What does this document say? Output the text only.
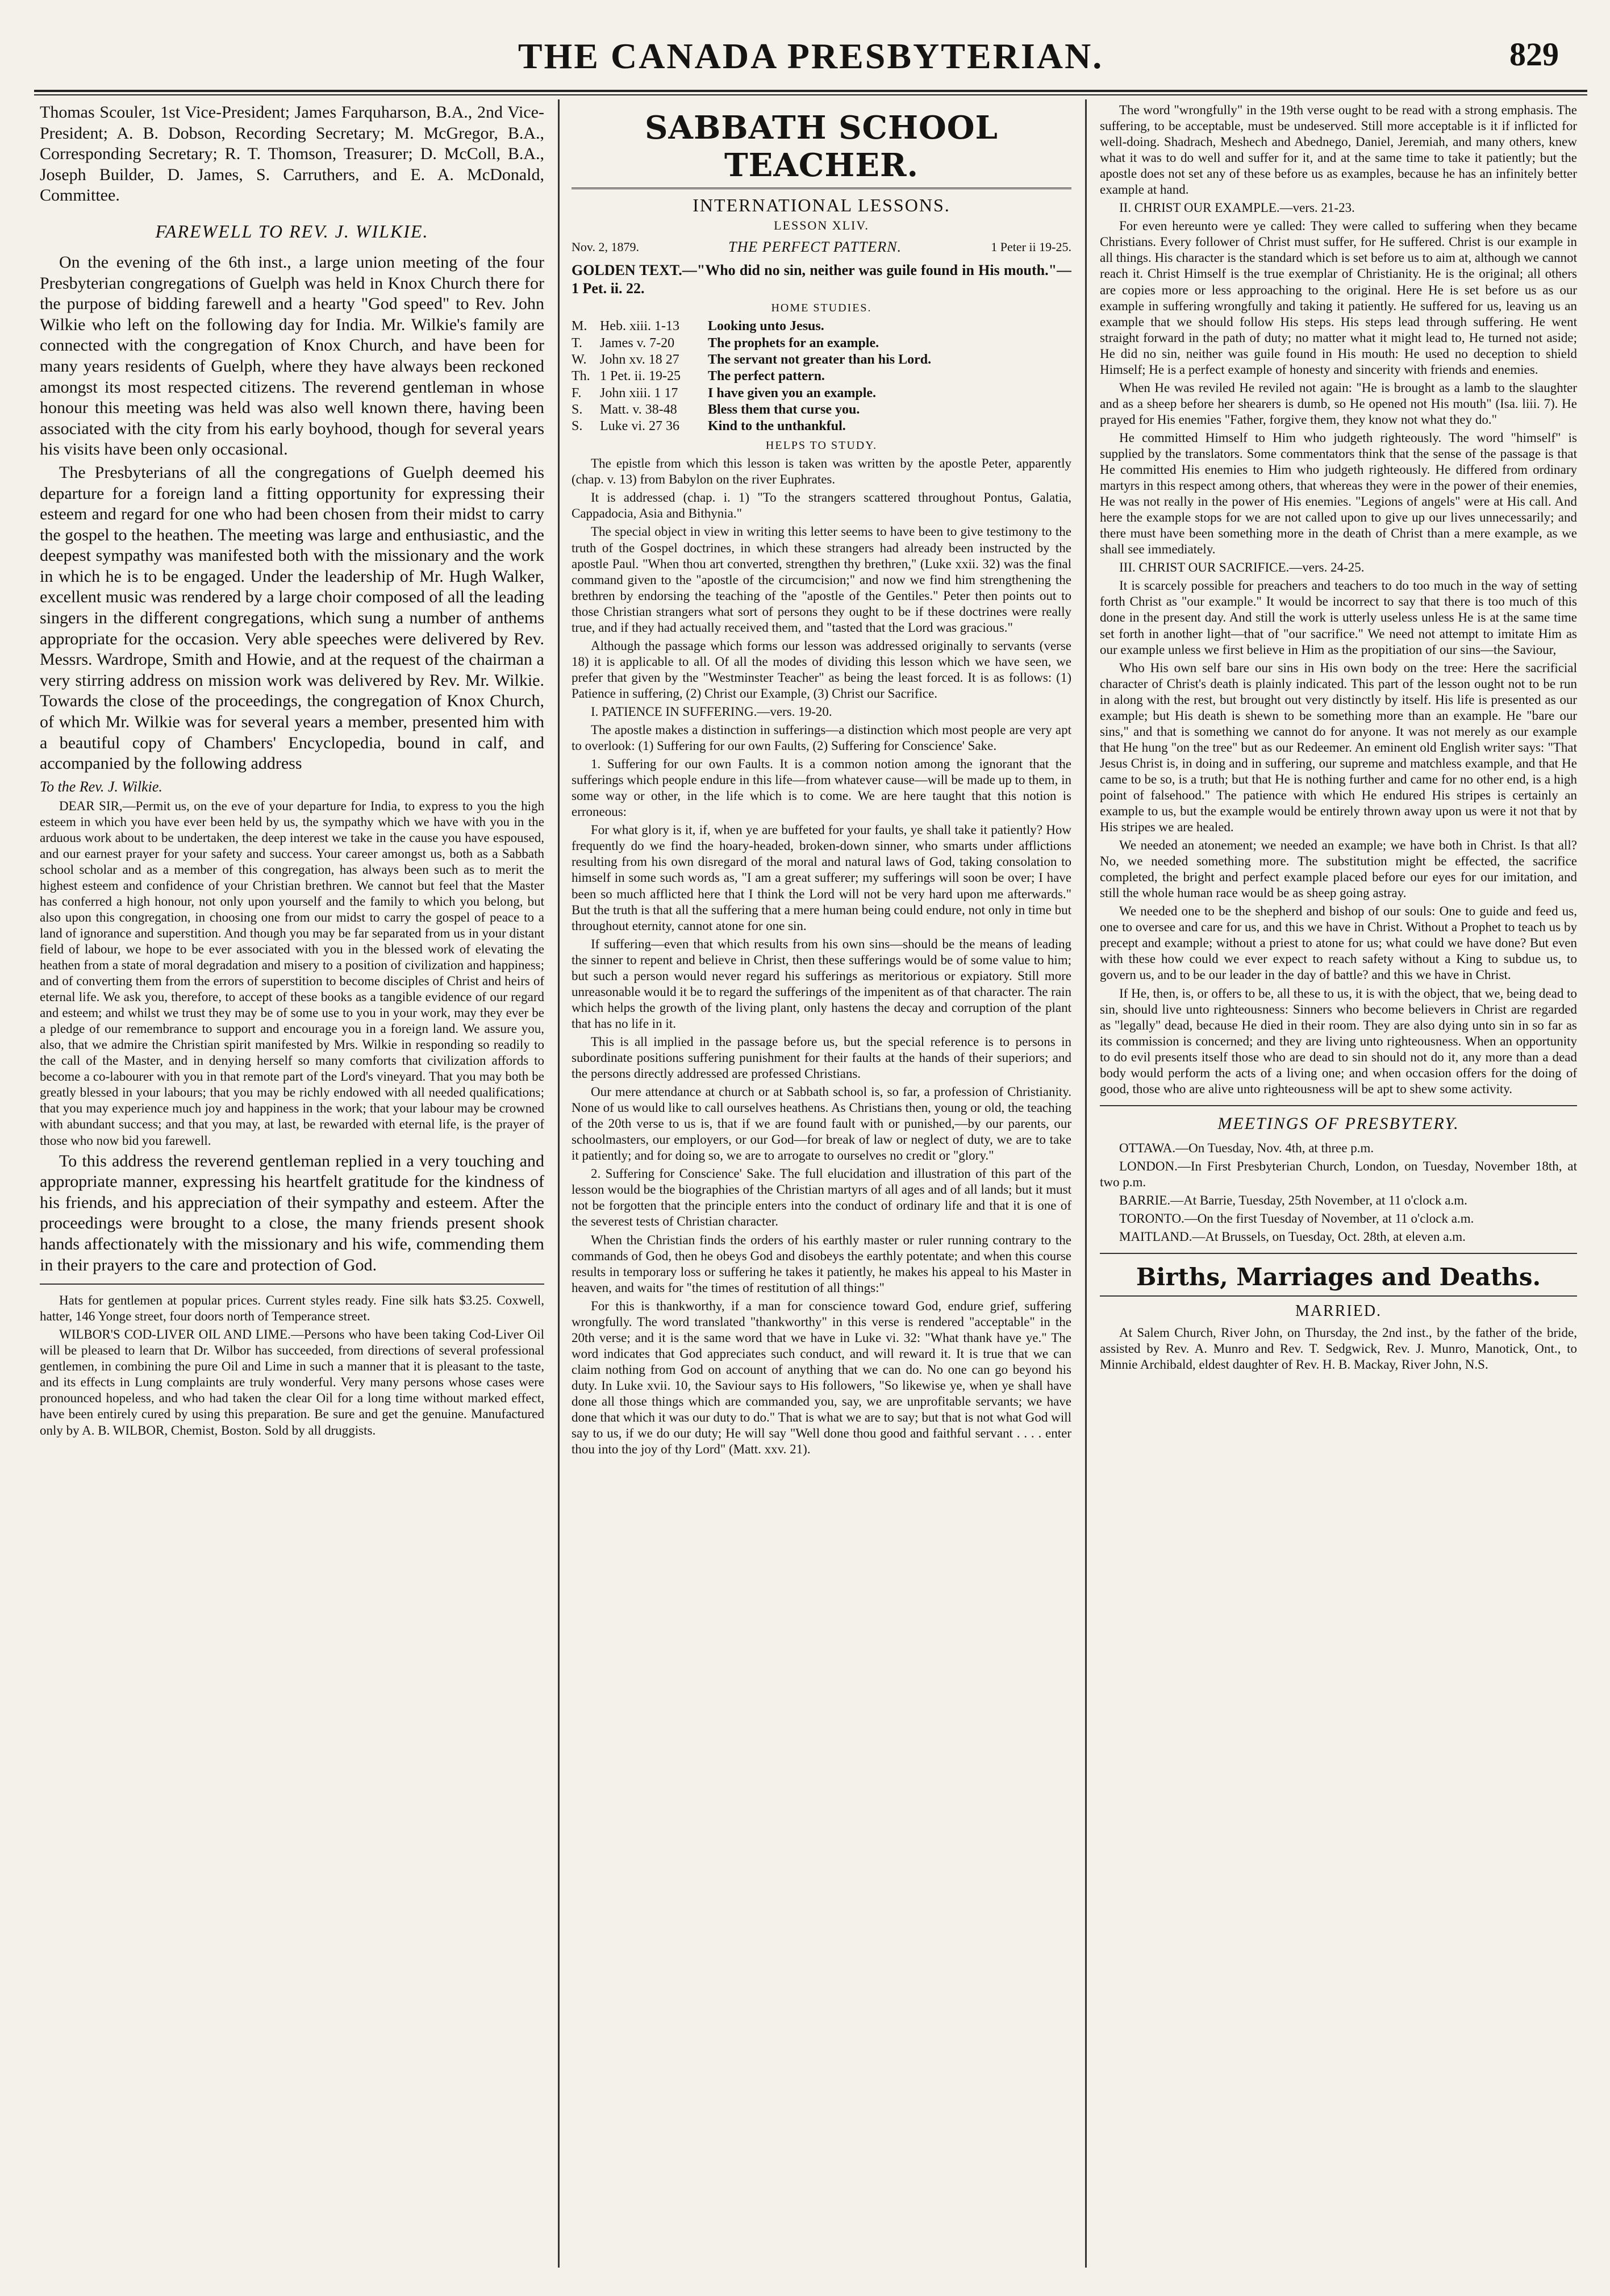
THE CANADA PRESBYTERIAN.	829

Thomas Scouler, 1st Vice-President; James Farquharson, B.A., 2nd Vice-President; A. B. Dobson, Recording Secretary; M. McGregor, B.A., Corresponding Secretary; R. T. Thomson, Treasurer; D. McColl, B.A., Joseph Builder, D. James, S. Carruthers, and E. A. McDonald, Committee.

FAREWELL TO REV. J. WILKIE.

On the evening of the 6th inst., a large union meeting of the four Presbyterian congregations of Guelph was held in Knox Church there for the purpose of bidding farewell and a hearty "God speed" to Rev. John Wilkie who left on the following day for India. Mr. Wilkie's family are connected with the congregation of Knox Church, and have been for many years residents of Guelph, where they have always been reckoned amongst its most respected citizens. The reverend gentleman in whose honour this meeting was held was also well known there, having been associated with the city from his early boyhood, though for several years his visits have been only occasional.

The Presbyterians of all the congregations of Guelph deemed his departure for a foreign land a fitting opportunity for expressing their esteem and regard for one who had been chosen from their midst to carry the gospel to the heathen. The meeting was large and enthusiastic, and the deepest sympathy was manifested both with the missionary and the work in which he is to be engaged. Under the leadership of Mr. Hugh Walker, excellent music was rendered by a large choir composed of all the leading singers in the different congregations, which sung a number of anthems appropriate for the occasion. Very able speeches were delivered by Rev. Messrs. Wardrope, Smith and Howie, and at the request of the chairman a very stirring address on mission work was delivered by Rev. Mr. Wilkie. Towards the close of the proceedings, the congregation of Knox Church, of which Mr. Wilkie was for several years a member, presented him with a beautiful copy of Chambers' Encyclopedia, bound in calf, and accompanied by the following address

To the Rev. J. Wilkie.

DEAR SIR,—Permit us, on the eve of your departure for India, to express to you the high esteem in which you have ever been held by us, the sympathy which we have with you in the arduous work about to be undertaken, the deep interest we take in the cause you have espoused, and our earnest prayer for your safety and success. Your career amongst us, both as a Sabbath school scholar and as a member of this congregation, has always been such as to merit the highest esteem and confidence of your Christian brethren. We cannot but feel that the Master has conferred a high honour, not only upon yourself and the family to which you belong, but also upon this congregation, in choosing one from our midst to carry the gospel of peace to a land of ignorance and superstition. And though you may be far separated from us in your distant field of labour, we hope to be ever associated with you in the blessed work of elevating the heathen from a state of moral degradation and misery to a position of civilization and happiness; and of converting them from the errors of superstition to become disciples of Christ and heirs of eternal life. We ask you, therefore, to accept of these books as a tangible evidence of our regard and esteem; and whilst we trust they may be of some use to you in your work, may they ever be a pledge of our remembrance to support and encourage you in a foreign land. We assure you, also, that we admire the Christian spirit manifested by Mrs. Wilkie in responding so readily to the call of the Master, and in denying herself so many comforts that civilization affords to become a co-labourer with you in that remote part of the Lord's vineyard. That you may both be greatly blessed in your labours; that you may be richly endowed with all needed qualifications; that you may experience much joy and happiness in the work; that your labour may be crowned with abundant success; and that you may, at last, be rewarded with eternal life, is the prayer of those who now bid you farewell.

To this address the reverend gentleman replied in a very touching and appropriate manner, expressing his heartfelt gratitude for the kindness of his friends, and his appreciation of their sympathy and esteem. After the proceedings were brought to a close, the many friends present shook hands affectionately with the missionary and his wife, commending them in their prayers to the care and protection of God.

Hats for gentlemen at popular prices. Current styles ready. Fine silk hats $3.25. Coxwell, hatter, 146 Yonge street, four doors north of Temperance street.

WILBOR'S COD-LIVER OIL AND LIME.—Persons who have been taking Cod-Liver Oil will be pleased to learn that Dr. Wilbor has succeeded, from directions of several professional gentlemen, in combining the pure Oil and Lime in such a manner that it is pleasant to the taste, and its effects in Lung complaints are truly wonderful. Very many persons whose cases were pronounced hopeless, and who had taken the clear Oil for a long time without marked effect, have been entirely cured by using this preparation. Be sure and get the genuine. Manufactured only by A. B. WILBOR, Chemist, Boston. Sold by all druggists.

SABBATH SCHOOL TEACHER.
INTERNATIONAL LESSONS.
LESSON XLIV.
Nov. 2, 1879.	THE PERFECT PATTERN.	1 Peter ii 19-25.

GOLDEN TEXT.—"Who did no sin, neither was guile found in His mouth."—1 Pet. ii. 22.

HOME STUDIES.
M. Heb. xiii. 1-13	Looking unto Jesus.
T.	James v. 7-20	The prophets for an example.
W. John xv. 18 27	The servant not greater than his Lord.
Th. 1 Pet. ii. 19-25	The perfect pattern.
F.	John xiii. 1 17	I have given you an example.
S.	Matt. v. 38-48	Bless them that curse you.
S.	Luke vi. 27 36	Kind to the unthankful.
HELPS TO STUDY.

The epistle from which this lesson is taken was written by the apostle Peter, apparently (chap. v. 13) from Babylon on the river Euphrates.

It is addressed (chap. i. 1) "To the strangers scattered throughout Pontus, Galatia, Cappadocia, Asia and Bithynia."

The special object in view in writing this letter seems to have been to give testimony to the truth of the Gospel doctrines, in which these strangers had already been instructed by the apostle Paul. "When thou art converted, strengthen thy brethren," (Luke xxii. 32) was the final command given to the "apostle of the circumcision;" and now we find him strengthening the brethren by endorsing the teaching of the "apostle of the Gentiles." Peter then points out to those Christian strangers what sort of persons they ought to be if these doctrines were really true, and if they had actually received them, and "tasted that the Lord was gracious."

Although the passage which forms our lesson was addressed originally to servants (verse 18) it is applicable to all. Of all the modes of dividing this lesson which we have seen, we prefer that given by the "Westminster Teacher" as being the least forced. It is as follows: (1) Patience in suffering, (2) Christ our Example, (3) Christ our Sacrifice.

I. PATIENCE IN SUFFERING.—vers. 19-20.

The apostle makes a distinction in sufferings—a distinction which most people are very apt to overlook: (1) Suffering for our own Faults, (2) Suffering for Conscience' Sake.

1. Suffering for our own Faults. It is a common notion among the ignorant that the sufferings which people endure in this life—from whatever cause—will be made up to them, in some way or other, in the life which is to come. We are here taught that this notion is erroneous:

For what glory is it, if, when ye are buffeted for your faults, ye shall take it patiently? How frequently do we find the hoary-headed, broken-down sinner, who smarts under afflictions resulting from his own disregard of the moral and natural laws of God, taking consolation to himself in some such words as, "I am a great sufferer; my sufferings will soon be over; I have been so much afflicted here that I think the Lord will not be very hard upon me afterwards." But the truth is that all the suffering that a mere human being could endure, not only in time but throughout eternity, cannot atone for one sin.

If suffering—even that which results from his own sins—should be the means of leading the sinner to repent and believe in Christ, then these sufferings would be of some value to him; but such a person would never regard his sufferings as meritorious or expiatory. Still more unreasonable would it be to regard the sufferings of the impenitent as of that character. The rain which helps the growth of the living plant, only hastens the decay and corruption of the plant that has no life in it.

This is all implied in the passage before us, but the special reference is to persons in subordinate positions suffering punishment for their faults at the hands of their superiors; and the persons directly addressed are professed Christians.

Our mere attendance at church or at Sabbath school is, so far, a profession of Christianity. None of us would like to call ourselves heathens. As Christians then, young or old, the teaching of the 20th verse to us is, that if we are found fault with or punished,—by our parents, our schoolmasters, our employers, or our God—for break of law or neglect of duty, we are to take it patiently; and for doing so, we are to arrogate to ourselves no credit or "glory."

2. Suffering for Conscience' Sake. The full elucidation and illustration of this part of the lesson would be the biographies of the Christian martyrs of all ages and of all lands; but it must not be forgotten that the principle enters into the conduct of ordinary life and that it is one of the severest tests of Christian character.

When the Christian finds the orders of his earthly master or ruler running contrary to the commands of God, then he obeys God and disobeys the earthly potentate; and when this course results in temporary loss or suffering he takes it patiently, he makes his appeal to his Master in heaven, and waits for "the times of restitution of all things:"

For this is thankworthy, if a man for conscience toward God, endure grief, suffering wrongfully. The word translated "thankworthy" in this verse is rendered "acceptable" in the 20th verse; and it is the same word that we have in Luke vi. 32: "What thank have ye." The word indicates that God appreciates such conduct, and will reward it. It is true that we can claim nothing from God on account of anything that we can do. No one can go beyond his duty. In Luke xvii. 10, the Saviour says to His followers, "So likewise ye, when ye shall have done all those things which are commanded you, say, we are unprofitable servants; we have done that which it was our duty to do." That is what we are to say; but that is not what God will say to us, if we do our duty; He will say "Well done thou good and faithful servant . . . . enter thou into the joy of thy Lord" (Matt. xxv. 21).

The word "wrongfully" in the 19th verse ought to be read with a strong emphasis. The suffering, to be acceptable, must be undeserved. Still more acceptable is it if inflicted for well-doing. Shadrach, Meshech and Abednego, Daniel, Jeremiah, and many others, knew what it was to do well and suffer for it, and at the same time to take it patiently; but the apostle does not set any of these before us as examples, because he has an infinitely better example at hand.

II. CHRIST OUR EXAMPLE.—vers. 21-23.

For even hereunto were ye called: They were called to suffering when they became Christians. Every follower of Christ must suffer, for He suffered. Christ is our example in all things. His character is the standard which is set before us to aim at, although we cannot reach it. Christ Himself is the true exemplar of Christianity. He is the original; all others are copies more or less approaching to the original. Here He is set before us as our example in suffering wrongfully and taking it patiently. He suffered for us, leaving us an example that we should follow His steps. His steps lead through suffering. He went straight forward in the path of duty; no matter what it might lead to, He turned not aside; He did no sin, neither was guile found in His mouth: He used no deception to shield Himself; He is a perfect example of honesty and sincerity with friends and enemies.

When He was reviled He reviled not again: "He is brought as a lamb to the slaughter and as a sheep before her shearers is dumb, so He opened not His mouth" (Isa. liii. 7). He prayed for His enemies "Father, forgive them, they know not what they do."

He committed Himself to Him who judgeth righteously. The word "himself" is supplied by the translators. Some commentators think that the sense of the passage is that He committed His enemies to Him who judgeth righteously. He differed from ordinary martyrs in this respect among others, that whereas they were in the power of their enemies, He was not really in the power of His enemies. "Legions of angels" were at His call. And here the example stops for we are not called upon to give up our lives unnecessarily; and there must have been something more in the death of Christ than a mere example, as we shall see immediately.

III. CHRIST OUR SACRIFICE.—vers. 24-25.

It is scarcely possible for preachers and teachers to do too much in the way of setting forth Christ as "our example." It would be incorrect to say that there is too much of this done in the present day. And still the work is utterly useless unless He is at the same time set forth in another light—that of "our sacrifice." We need not attempt to imitate Him as our example unless we first believe in Him as the propitiation of our sins—the Saviour,

Who His own self bare our sins in His own body on the tree: Here the sacrificial character of Christ's death is plainly indicated. This part of the lesson ought not to be run in along with the rest, but brought out very distinctly by itself. His life is presented as our example; but His death is shewn to be something more than an example. He "bare our sins," and that is something we cannot do for anyone. It was not merely as our example that He hung "on the tree" but as our Redeemer. An eminent old English writer says: "That Jesus Christ is, in doing and in suffering, our supreme and matchless example, and that He came to be so, is a truth; but that He is nothing further and came for no other end, is a high point of falsehood." The patience with which He endured His stripes is certainly an example to us, but the example would be entirely thrown away upon us were it not that by His stripes we are healed.

We needed an atonement; we needed an example; we have both in Christ. Is that all? No, we needed something more. The substitution might be effected, the sacrifice completed, the bright and perfect example placed before our eyes for our imitation, and still the whole human race would be as sheep going astray.

We needed one to be the shepherd and bishop of our souls: One to guide and feed us, one to oversee and care for us, and this we have in Christ. Without a Prophet to teach us by precept and example; without a priest to atone for us; what could we have done? But even with these how could we ever expect to reach safety without a King to subdue us, to govern us, and to be our leader in the day of battle? and this we have in Christ.

If He, then, is, or offers to be, all these to us, it is with the object, that we, being dead to sin, should live unto righteousness: Sinners who become believers in Christ are regarded as "legally" dead, because He died in their room. They are also dying unto sin in so far as its commission is concerned; and they are living unto righteousness. When an opportunity to do evil presents itself those who are dead to sin should not do it, any more than a dead body would perform the acts of a living one; and when occasion offers for the doing of good, those who are alive unto righteousness will be apt to shew some activity.

MEETINGS OF PRESBYTERY.

OTTAWA.—On Tuesday, Nov. 4th, at three p.m.

LONDON.—In First Presbyterian Church, London, on Tuesday, November 18th, at two p.m.

BARRIE.—At Barrie, Tuesday, 25th November, at 11 o'clock a.m.

TORONTO.—On the first Tuesday of November, at 11 o'clock a.m.

MAITLAND.—At Brussels, on Tuesday, Oct. 28th, at eleven a.m.

Births, Marriages and Deaths.
MARRIED.

At Salem Church, River John, on Thursday, the 2nd inst., by the father of the bride, assisted by Rev. A. Munro and Rev. T. Sedgwick, Rev. J. Munro, Manotick, Ont., to Minnie Archibald, eldest daughter of Rev. H. B. Mackay, River John, N.S.
